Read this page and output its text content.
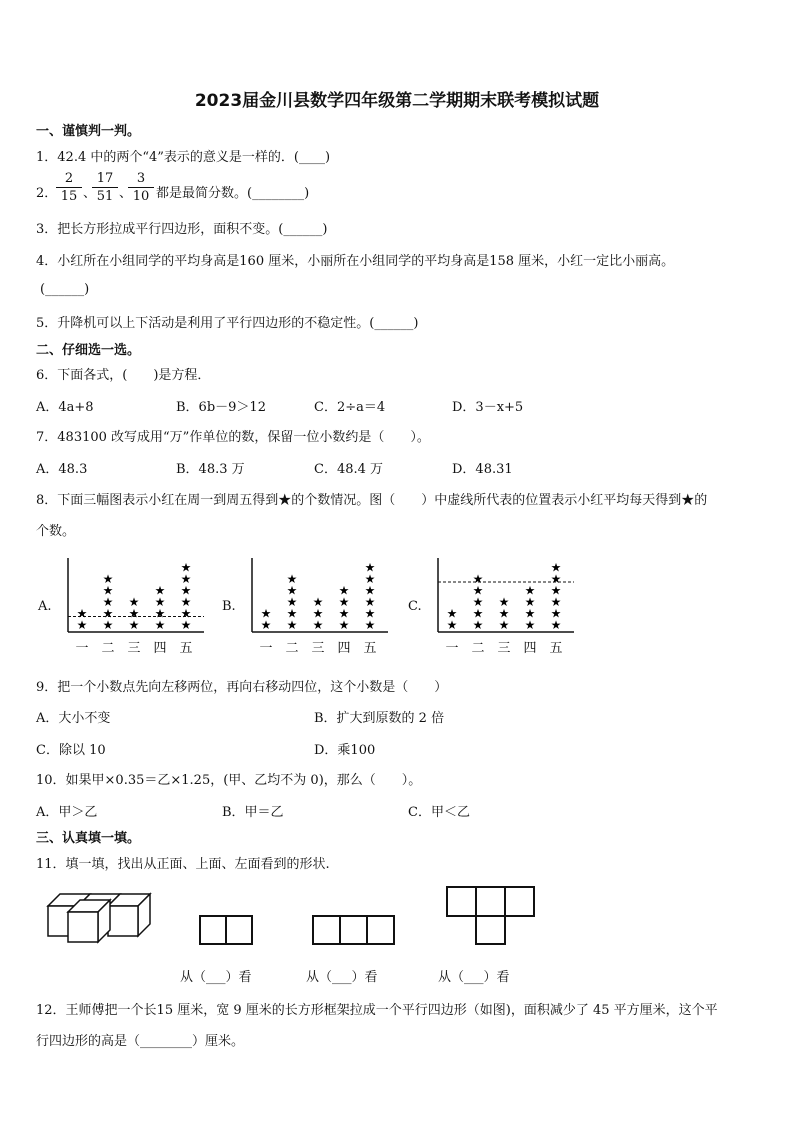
2023届金川县数学四年级第二学期期末联考模拟试题
一、谨慎判一判。
1．42.4 中的两个“4”表示的意义是一样的．(____)
2．
$\frac{2}{15}$ 、
$\frac{17}{51}$ 、
$\frac{3}{10}$ 都是最简分数。(________)
3．把长方形拉成平行四边形，面积不变。(______)
4．小红所在小组同学的平均身高是160 厘米，小丽所在小组同学的平均身高是158 厘米，小红一定比小丽高。
(______)
5．升降机可以上下活动是利用了平行四边形的不稳定性。(______)
二、仔细选一选。
6．下面各式，(　　)是方程．
A．4a+8	B．6b－9＞12	C．2÷a＝4	D．3－x+5
7．483100 改写成用“万”作单位的数，保留一位小数约是（　　）。
A．48.3	B．48.3 万	C．48.4 万	D．48.31
8．下面三幅图表示小红在周一到周五得到★的个数情况。图（　　）中虚线所代表的位置表示小红平均每天得到★的
个数。
A.	B.	C.
★
★
一
★
★
★
★
★
二
★
★
★
三
★
★
★
★
四
★
★
★
★
★
★
五
★
★
一
★
★
★
★
★
二
★
★
★
三
★
★
★
★
四
★
★
★
★
★
★
五
★
★
一
★
★
★
★
★
二
★
★
★
三
★
★
★
★
四
★
★
★
★
★
★
五
9．把一个小数点先向左移两位，再向右移动四位，这个小数是（　　）
A．大小不变	B．扩大到原数的 2 倍
C．除以 10	D．乘100
10．如果甲×0.35＝乙×1.25，(甲、乙均不为 0)，那么（　　）。
A．甲＞乙	B．甲＝乙	C．甲＜乙
三、认真填一填。
11．填一填，找出从正面、上面、左面看到的形状.
从（___）看	从（___）看	从（___）看
12．王师傅把一个长15 厘米，宽 9 厘米的长方形框架拉成一个平行四边形（如图)，面积减少了 45 平方厘米，这个平
行四边形的高是（________）厘米。
